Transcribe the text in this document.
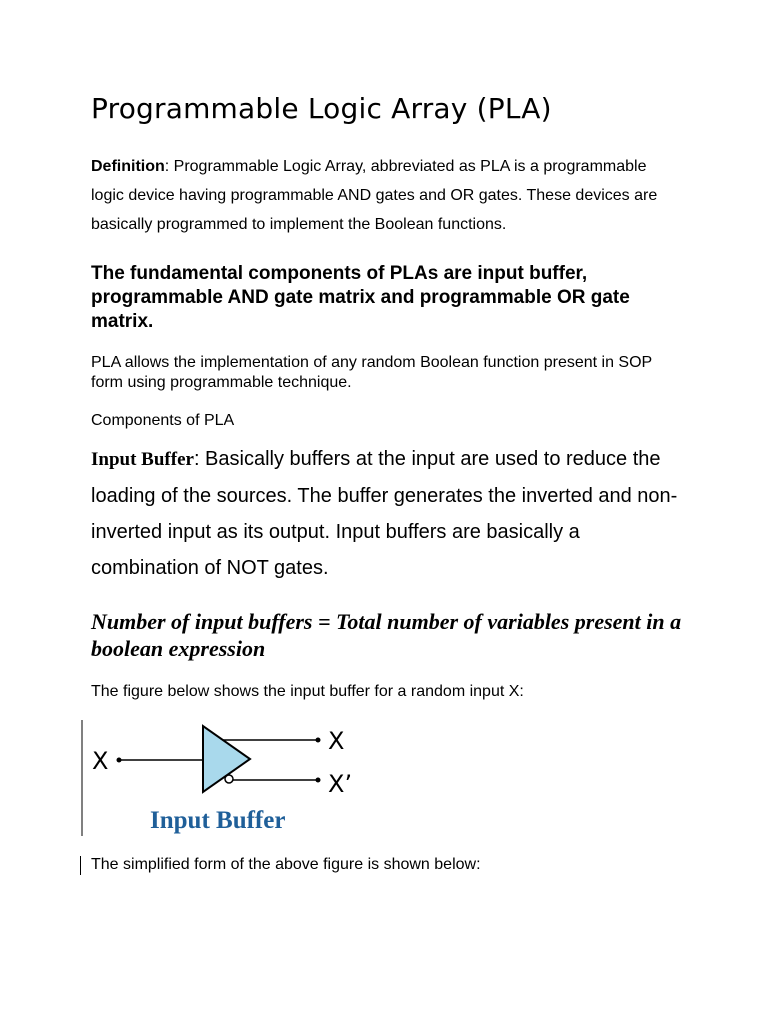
Programmable Logic Array (PLA)

Definition: Programmable Logic Array, abbreviated as PLA is a programmable logic device having programmable AND gates and OR gates. These devices are basically programmed to implement the Boolean functions.

The fundamental components of PLAs are input buffer, programmable AND gate matrix and programmable OR gate matrix.

PLA allows the implementation of any random Boolean function present in SOP form using programmable technique.

Components of PLA

Input Buffer: Basically buffers at the input are used to reduce the loading of the sources. The buffer generates the inverted and non-inverted input as its output. Input buffers are basically a combination of NOT gates.

Number of input buffers = Total number of variables present in a boolean expression

The figure below shows the input buffer for a random input X:

X
X
X’
Input Buffer

The simplified form of the above figure is shown below:
